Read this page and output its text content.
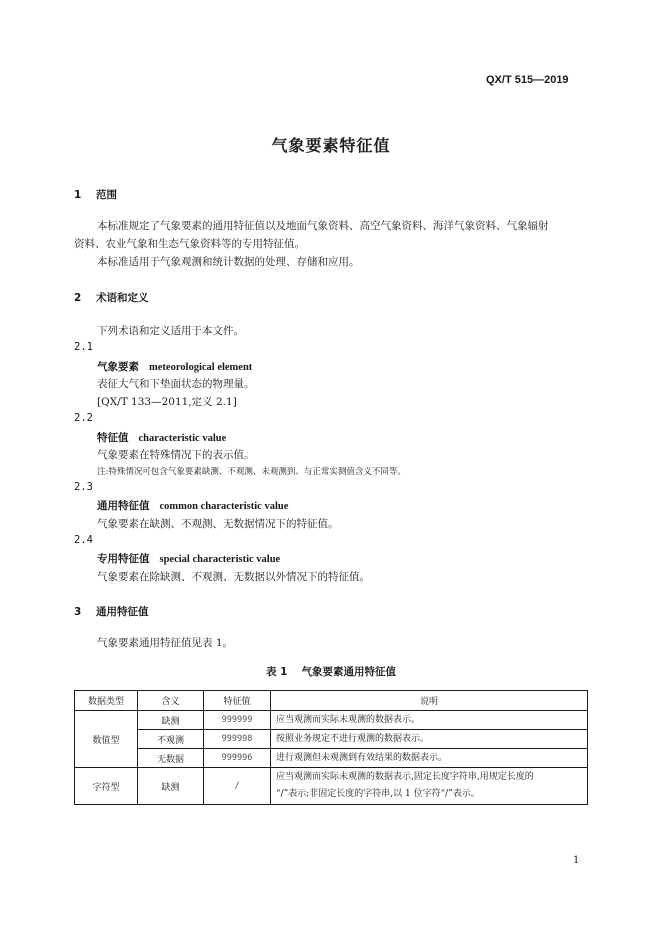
QX/T 515—2019
气象要素特征值
1 范围
本标准规定了气象要素的通用特征值以及地面气象资料、高空气象资料、海洋气象资料、气象辐射
资料、农业气象和生态气象资料等的专用特征值。
本标准适用于气象观测和统计数据的处理、存储和应用。
2 术语和定义
下列术语和定义适用于本文件。
2.1
气象要素 meteorological element
表征大气和下垫面状态的物理量。
[QX/T 133—2011,定义 2.1]
2.2
特征值 characteristic value
气象要素在特殊情况下的表示值。
注:特殊情况可包含气象要素缺测、不观测、未观测到、与正常实测值含义不同等。
2.3
通用特征值 common characteristic value
气象要素在缺测、不观测、无数据情况下的特征值。
2.4
专用特征值 special characteristic value
气象要素在除缺测、不观测、无数据以外情况下的特征值。
3 通用特征值
气象要素通用特征值见表 1。
表 1 气象要素通用特征值
数据类型	含义	特征值	说明
数值型	缺测	999999	应当观测而实际未观测的数据表示。
	不观测	999998	按照业务规定不进行观测的数据表示。
	无数据	999996	进行观测但未观测到有效结果的数据表示。
字符型	缺测	/	应当观测而实际未观测的数据表示,固定长度字符串,用规定长度的
“/”表示;非固定长度的字符串,以 1 位字符“/”表示。
1
